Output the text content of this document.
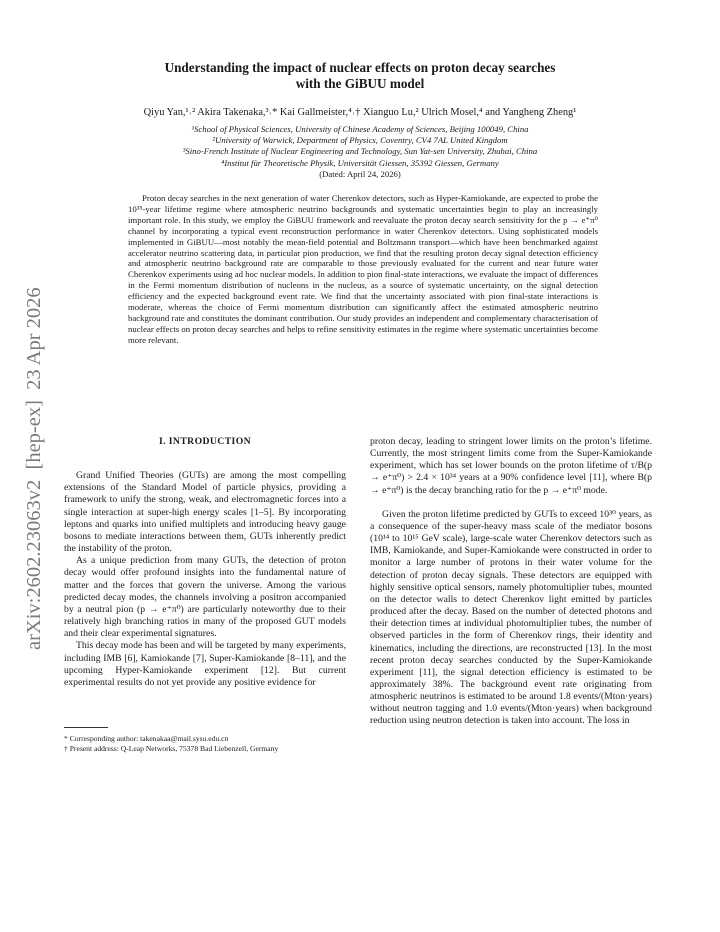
arXiv:2602.23063v2  [hep-ex]  23 Apr 2026
Understanding the impact of nuclear effects on proton decay searches
with the GiBUU model
Qiyu Yan,¹˒² Akira Takenaka,³˒* Kai Gallmeister,⁴˒† Xianguo Lu,² Ulrich Mosel,⁴ and Yangheng Zheng¹
¹School of Physical Sciences, University of Chinese Academy of Sciences, Beijing 100049, China
²University of Warwick, Department of Physics, Coventry, CV4 7AL United Kingdom
³Sino-French Institute of Nuclear Engineering and Technology, Sun Yat-sen University, Zhuhai, China
⁴Institut für Theoretische Physik, Universität Giessen, 35392 Giessen, Germany
(Dated: April 24, 2026)
Proton decay searches in the next generation of water Cherenkov detectors, such as Hyper-Kamiokande, are expected to probe the 10³⁵-year lifetime regime where atmospheric neutrino backgrounds and systematic uncertainties begin to play an increasingly important role. In this study, we employ the GiBUU framework and reevaluate the proton decay search sensitivity for the p → e⁺π⁰ channel by incorporating a typical event reconstruction performance in water Cherenkov detectors. Using sophisticated models implemented in GiBUU—most notably the mean-field potential and Boltzmann transport—which have been benchmarked against accelerator neutrino scattering data, in particular pion production, we find that the resulting proton decay signal detection efficiency and atmospheric neutrino background rate are comparable to those previously evaluated for the current and near future water Cherenkov experiments using ad hoc nuclear models. In addition to pion final-state interactions, we evaluate the impact of differences in the Fermi momentum distribution of nucleons in the nucleus, as a source of systematic uncertainty, on the signal detection efficiency and the expected background event rate. We find that the uncertainty associated with pion final-state interactions is moderate, whereas the choice of Fermi momentum distribution can significantly affect the estimated atmospheric neutrino background rate and constitutes the dominant contribution. Our study provides an independent and complementary characterisation of nuclear effects on proton decay searches and helps to refine sensitivity estimates in the regime where systematic uncertainties become more relevant.
I. INTRODUCTION

Grand Unified Theories (GUTs) are among the most compelling extensions of the Standard Model of particle physics, providing a framework to unify the strong, weak, and electromagnetic forces into a single interaction at super-high energy scales [1–5]. By incorporating leptons and quarks into unified multiplets and introducing heavy gauge bosons to mediate interactions between them, GUTs inherently predict the instability of the proton.

As a unique prediction from many GUTs, the detection of proton decay would offer profound insights into the fundamental nature of matter and the forces that govern the universe. Among the various predicted decay modes, the channels involving a positron accompanied by a neutral pion (p → e⁺π⁰) are particularly noteworthy due to their relatively high branching ratios in many of the proposed GUT models and their clear experimental signatures.

This decay mode has been and will be targeted by many experiments, including IMB [6], Kamiokande [7], Super-Kamiokande [8–11], and the upcoming Hyper-Kamiokande experiment [12]. But current experimental results do not yet provide any positive evidence for

* Corresponding author: takenakaa@mail.sysu.edu.cn
† Present address: Q-Leap Networks, 75378 Bad Liebenzell, Germany

proton decay, leading to stringent lower limits on the proton’s lifetime. Currently, the most stringent limits come from the Super-Kamiokande experiment, which has set lower bounds on the proton lifetime of τ/B(p → e⁺π⁰) > 2.4 × 10³⁴ years at a 90% confidence level [11], where B(p → e⁺π⁰) is the decay branching ratio for the p → e⁺π⁰ mode.

Given the proton lifetime predicted by GUTs to exceed 10³⁰ years, as a consequence of the super-heavy mass scale of the mediator bosons (10¹⁴ to 10¹⁵ GeV scale), large-scale water Cherenkov detectors such as IMB, Kamiokande, and Super-Kamiokande were constructed in order to monitor a large number of protons in their water volume for the detection of proton decay signals. These detectors are equipped with highly sensitive optical sensors, namely photomultiplier tubes, mounted on the detector walls to detect Cherenkov light emitted by particles produced after the decay. Based on the number of detected photons and their detection times at individual photomultiplier tubes, the number of observed particles in the form of Cherenkov rings, their identity and kinematics, including the directions, are reconstructed [13]. In the most recent proton decay searches conducted by the Super-Kamiokande experiment [11], the signal detection efficiency is estimated to be approximately 38%. The background event rate originating from atmospheric neutrinos is estimated to be around 1.8 events/(Mton·years) without neutron tagging and 1.0 events/(Mton·years) when background reduction using neutron detection is taken into account. The loss in
